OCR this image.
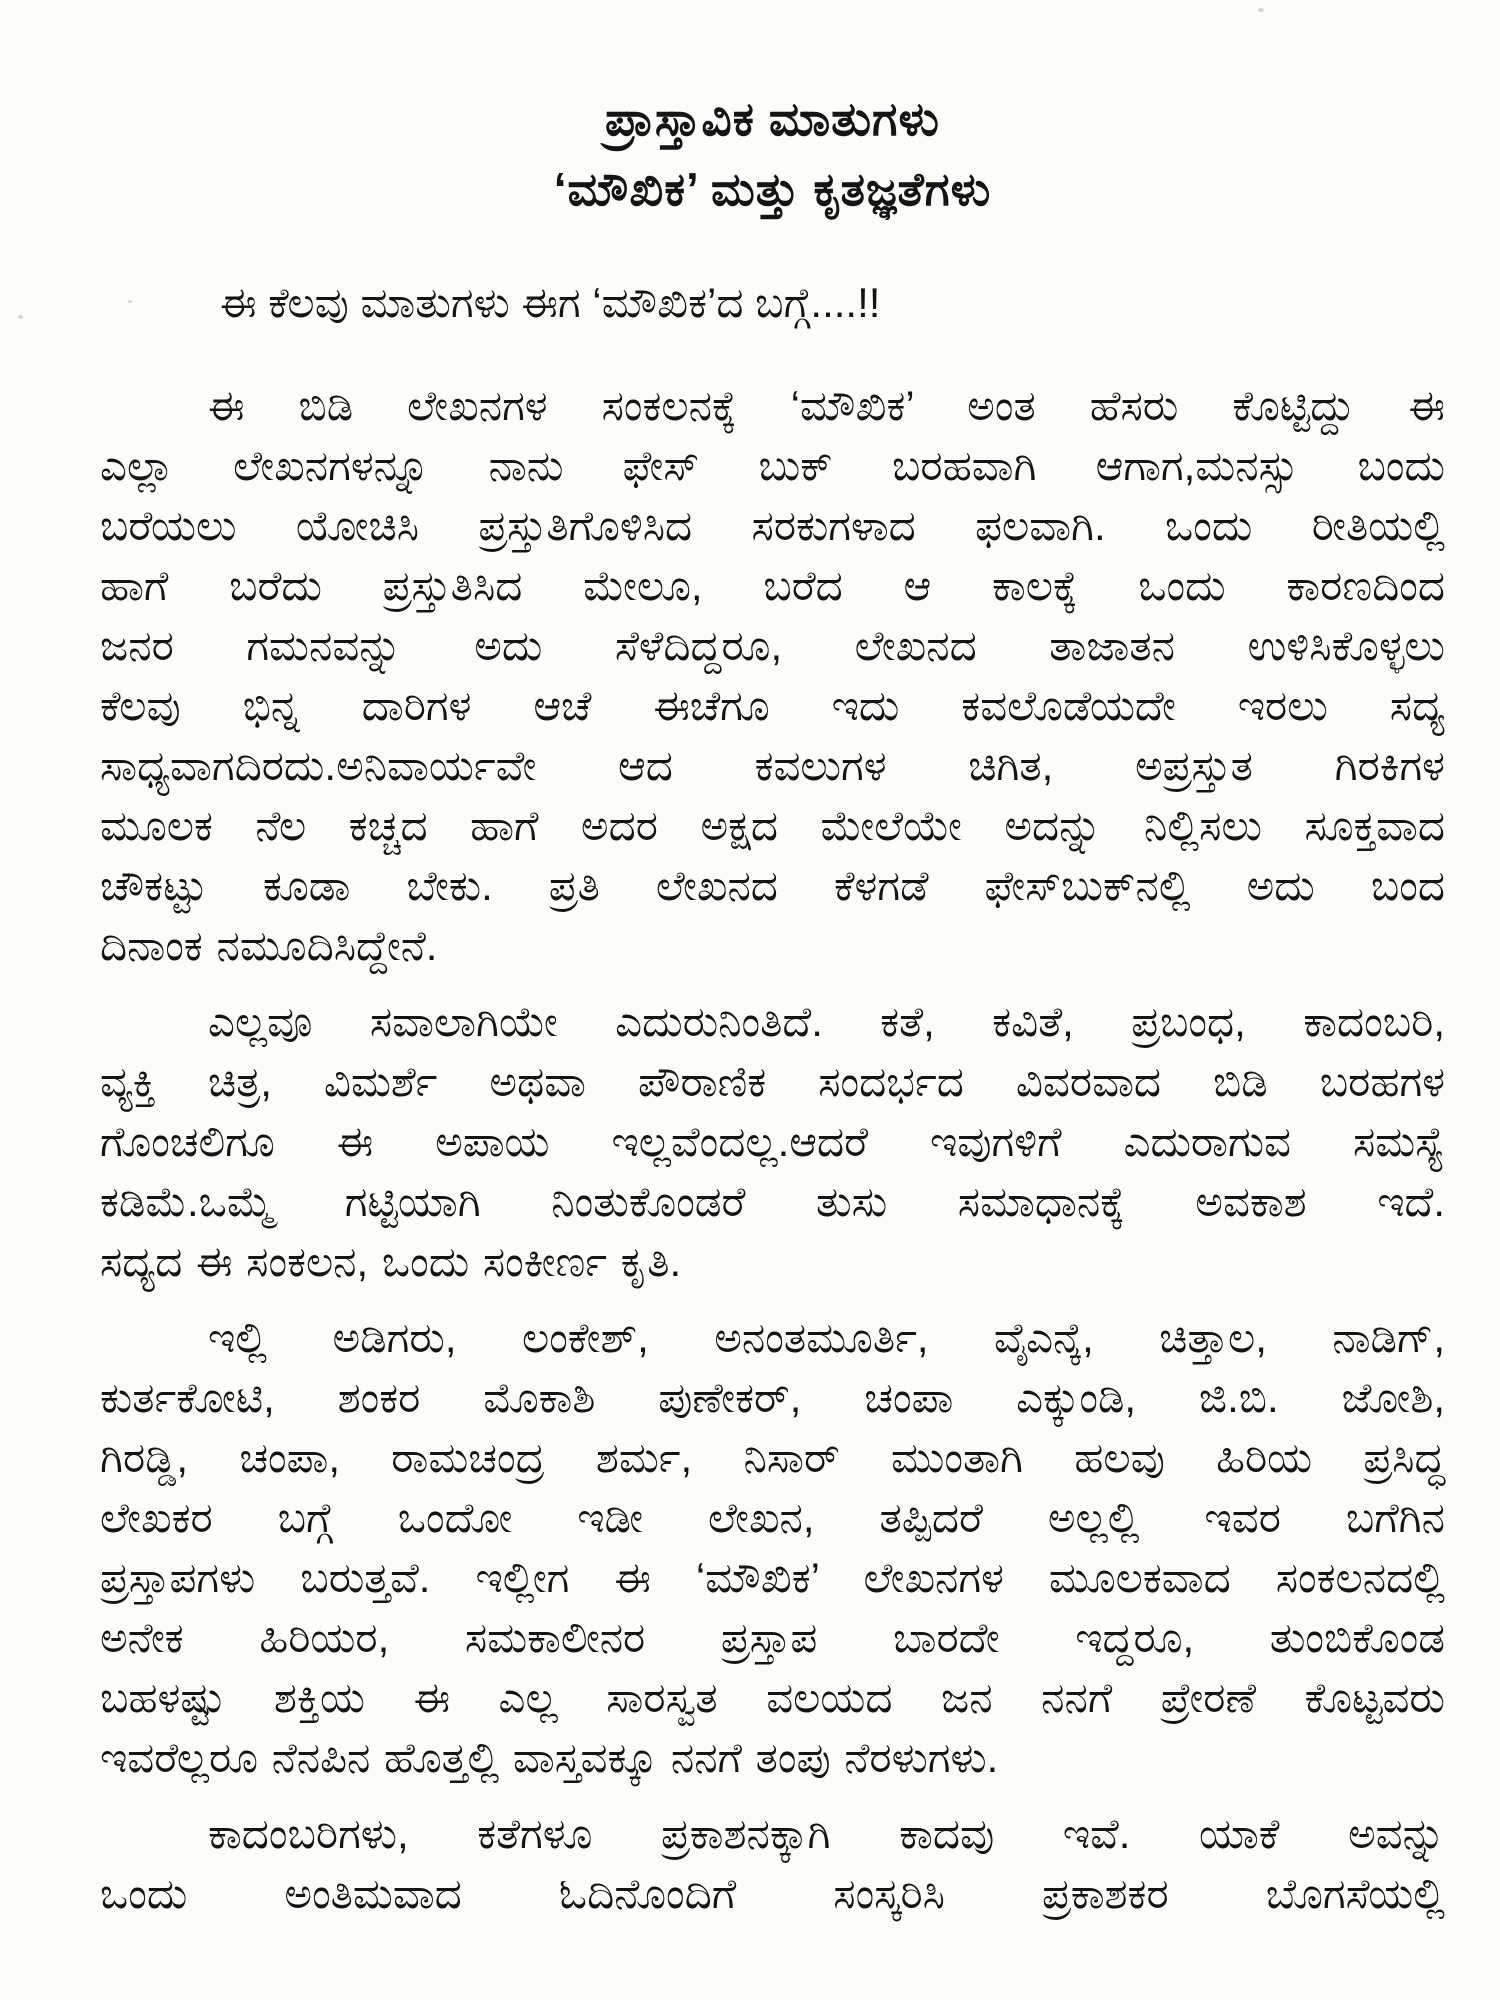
ಪ್ರಾಸ್ತಾವಿಕ ಮಾತುಗಳು
‘ಮೌಖಿಕ’ ಮತ್ತು ಕೃತಜ್ಞತೆಗಳು

ಈ ಕೆಲವು ಮಾತುಗಳು ಈಗ ‘ಮೌಖಿಕ’ದ ಬಗ್ಗೆ....!!

ಈ ಬಿಡಿ ಲೇಖನಗಳ ಸಂಕಲನಕ್ಕೆ ‘ಮೌಖಿಕ’ ಅಂತ ಹೆಸರು ಕೊಟ್ಟಿದ್ದು ಈ
ಎಲ್ಲಾ ಲೇಖನಗಳನ್ನೂ ನಾನು ಫೇಸ್ ಬುಕ್ ಬರಹವಾಗಿ ಆಗಾಗ,ಮನಸ್ಸು ಬಂದು
ಬರೆಯಲು ಯೋಚಿಸಿ ಪ್ರಸ್ತುತಿಗೊಳಿಸಿದ ಸರಕುಗಳಾದ ಫಲವಾಗಿ. ಒಂದು ರೀತಿಯಲ್ಲಿ
ಹಾಗೆ ಬರೆದು ಪ್ರಸ್ತುತಿಸಿದ ಮೇಲೂ, ಬರೆದ ಆ ಕಾಲಕ್ಕೆ ಒಂದು ಕಾರಣದಿಂದ
ಜನರ ಗಮನವನ್ನು ಅದು ಸೆಳೆದಿದ್ದರೂ, ಲೇಖನದ ತಾಜಾತನ ಉಳಿಸಿಕೊಳ್ಳಲು
ಕೆಲವು ಭಿನ್ನ ದಾರಿಗಳ ಆಚೆ ಈಚೆಗೂ ಇದು ಕವಲೊಡೆಯದೇ ಇರಲು ಸದ್ಯ
ಸಾಧ್ಯವಾಗದಿರದು.ಅನಿವಾರ್ಯವೇ ಆದ ಕವಲುಗಳ ಚಿಗಿತ, ಅಪ್ರಸ್ತುತ ಗಿರಕಿಗಳ
ಮೂಲಕ ನೆಲ ಕಚ್ಚದ ಹಾಗೆ ಅದರ ಅಕ್ಷದ ಮೇಲೆಯೇ ಅದನ್ನು ನಿಲ್ಲಿಸಲು ಸೂಕ್ತವಾದ
ಚೌಕಟ್ಟು ಕೂಡಾ ಬೇಕು. ಪ್ರತಿ ಲೇಖನದ ಕೆಳಗಡೆ ಫೇಸ್‌ಬುಕ್‌ನಲ್ಲಿ ಅದು ಬಂದ
ದಿನಾಂಕ ನಮೂದಿಸಿದ್ದೇನೆ.
ಎಲ್ಲವೂ ಸವಾಲಾಗಿಯೇ ಎದುರುನಿಂತಿದೆ. ಕತೆ, ಕವಿತೆ, ಪ್ರಬಂಧ, ಕಾದಂಬರಿ,
ವ್ಯಕ್ತಿ ಚಿತ್ರ, ವಿಮರ್ಶೆ ಅಥವಾ ಪೌರಾಣಿಕ ಸಂದರ್ಭದ ವಿವರವಾದ ಬಿಡಿ ಬರಹಗಳ
ಗೊಂಚಲಿಗೂ ಈ ಅಪಾಯ ಇಲ್ಲವೆಂದಲ್ಲ.ಆದರೆ ಇವುಗಳಿಗೆ ಎದುರಾಗುವ ಸಮಸ್ಯೆ
ಕಡಿಮೆ.ಒಮ್ಮೆ ಗಟ್ಟಿಯಾಗಿ ನಿಂತುಕೊಂಡರೆ ತುಸು ಸಮಾಧಾನಕ್ಕೆ ಅವಕಾಶ ಇದೆ.
ಸದ್ಯದ ಈ ಸಂಕಲನ, ಒಂದು ಸಂಕೀರ್ಣ ಕೃತಿ.
ಇಲ್ಲಿ ಅಡಿಗರು, ಲಂಕೇಶ್, ಅನಂತಮೂರ್ತಿ, ವೈಎನ್ಕೆ, ಚಿತ್ತಾಲ, ನಾಡಿಗ್,
ಕುರ್ತಕೋಟಿ, ಶಂಕರ ಮೊಕಾಶಿ ಪುಣೇಕರ್, ಚಂಪಾ ಎಕ್ಕುಂಡಿ, ಜಿ.ಬಿ. ಜೋಶಿ,
ಗಿರಡ್ಡಿ, ಚಂಪಾ, ರಾಮಚಂದ್ರ ಶರ್ಮ, ನಿಸಾರ್ ಮುಂತಾಗಿ ಹಲವು ಹಿರಿಯ ಪ್ರಸಿದ್ಧ
ಲೇಖಕರ ಬಗ್ಗೆ ಒಂದೋ ಇಡೀ ಲೇಖನ, ತಪ್ಪಿದರೆ ಅಲ್ಲಲ್ಲಿ ಇವರ ಬಗೆಗಿನ
ಪ್ರಸ್ತಾಪಗಳು ಬರುತ್ತವೆ. ಇಲ್ಲೀಗ ಈ ‘ಮೌಖಿಕ’ ಲೇಖನಗಳ ಮೂಲಕವಾದ ಸಂಕಲನದಲ್ಲಿ
ಅನೇಕ ಹಿರಿಯರ, ಸಮಕಾಲೀನರ ಪ್ರಸ್ತಾಪ ಬಾರದೇ ಇದ್ದರೂ, ತುಂಬಿಕೊಂಡ
ಬಹಳಷ್ಟು ಶಕ್ತಿಯ ಈ ಎಲ್ಲ ಸಾರಸ್ವತ ವಲಯದ ಜನ ನನಗೆ ಪ್ರೇರಣೆ ಕೊಟ್ಟವರು
ಇವರೆಲ್ಲರೂ ನೆನಪಿನ ಹೊತ್ತಲ್ಲಿ ವಾಸ್ತವಕ್ಕೂ ನನಗೆ ತಂಪು ನೆರಳುಗಳು.
ಕಾದಂಬರಿಗಳು, ಕತೆಗಳೂ ಪ್ರಕಾಶನಕ್ಕಾಗಿ ಕಾದವು ಇವೆ. ಯಾಕೆ ಅವನ್ನು
ಒಂದು ಅಂತಿಮವಾದ ಓದಿನೊಂದಿಗೆ ಸಂಸ್ಕರಿಸಿ ಪ್ರಕಾಶಕರ ಬೊಗಸೆಯಲ್ಲಿ
